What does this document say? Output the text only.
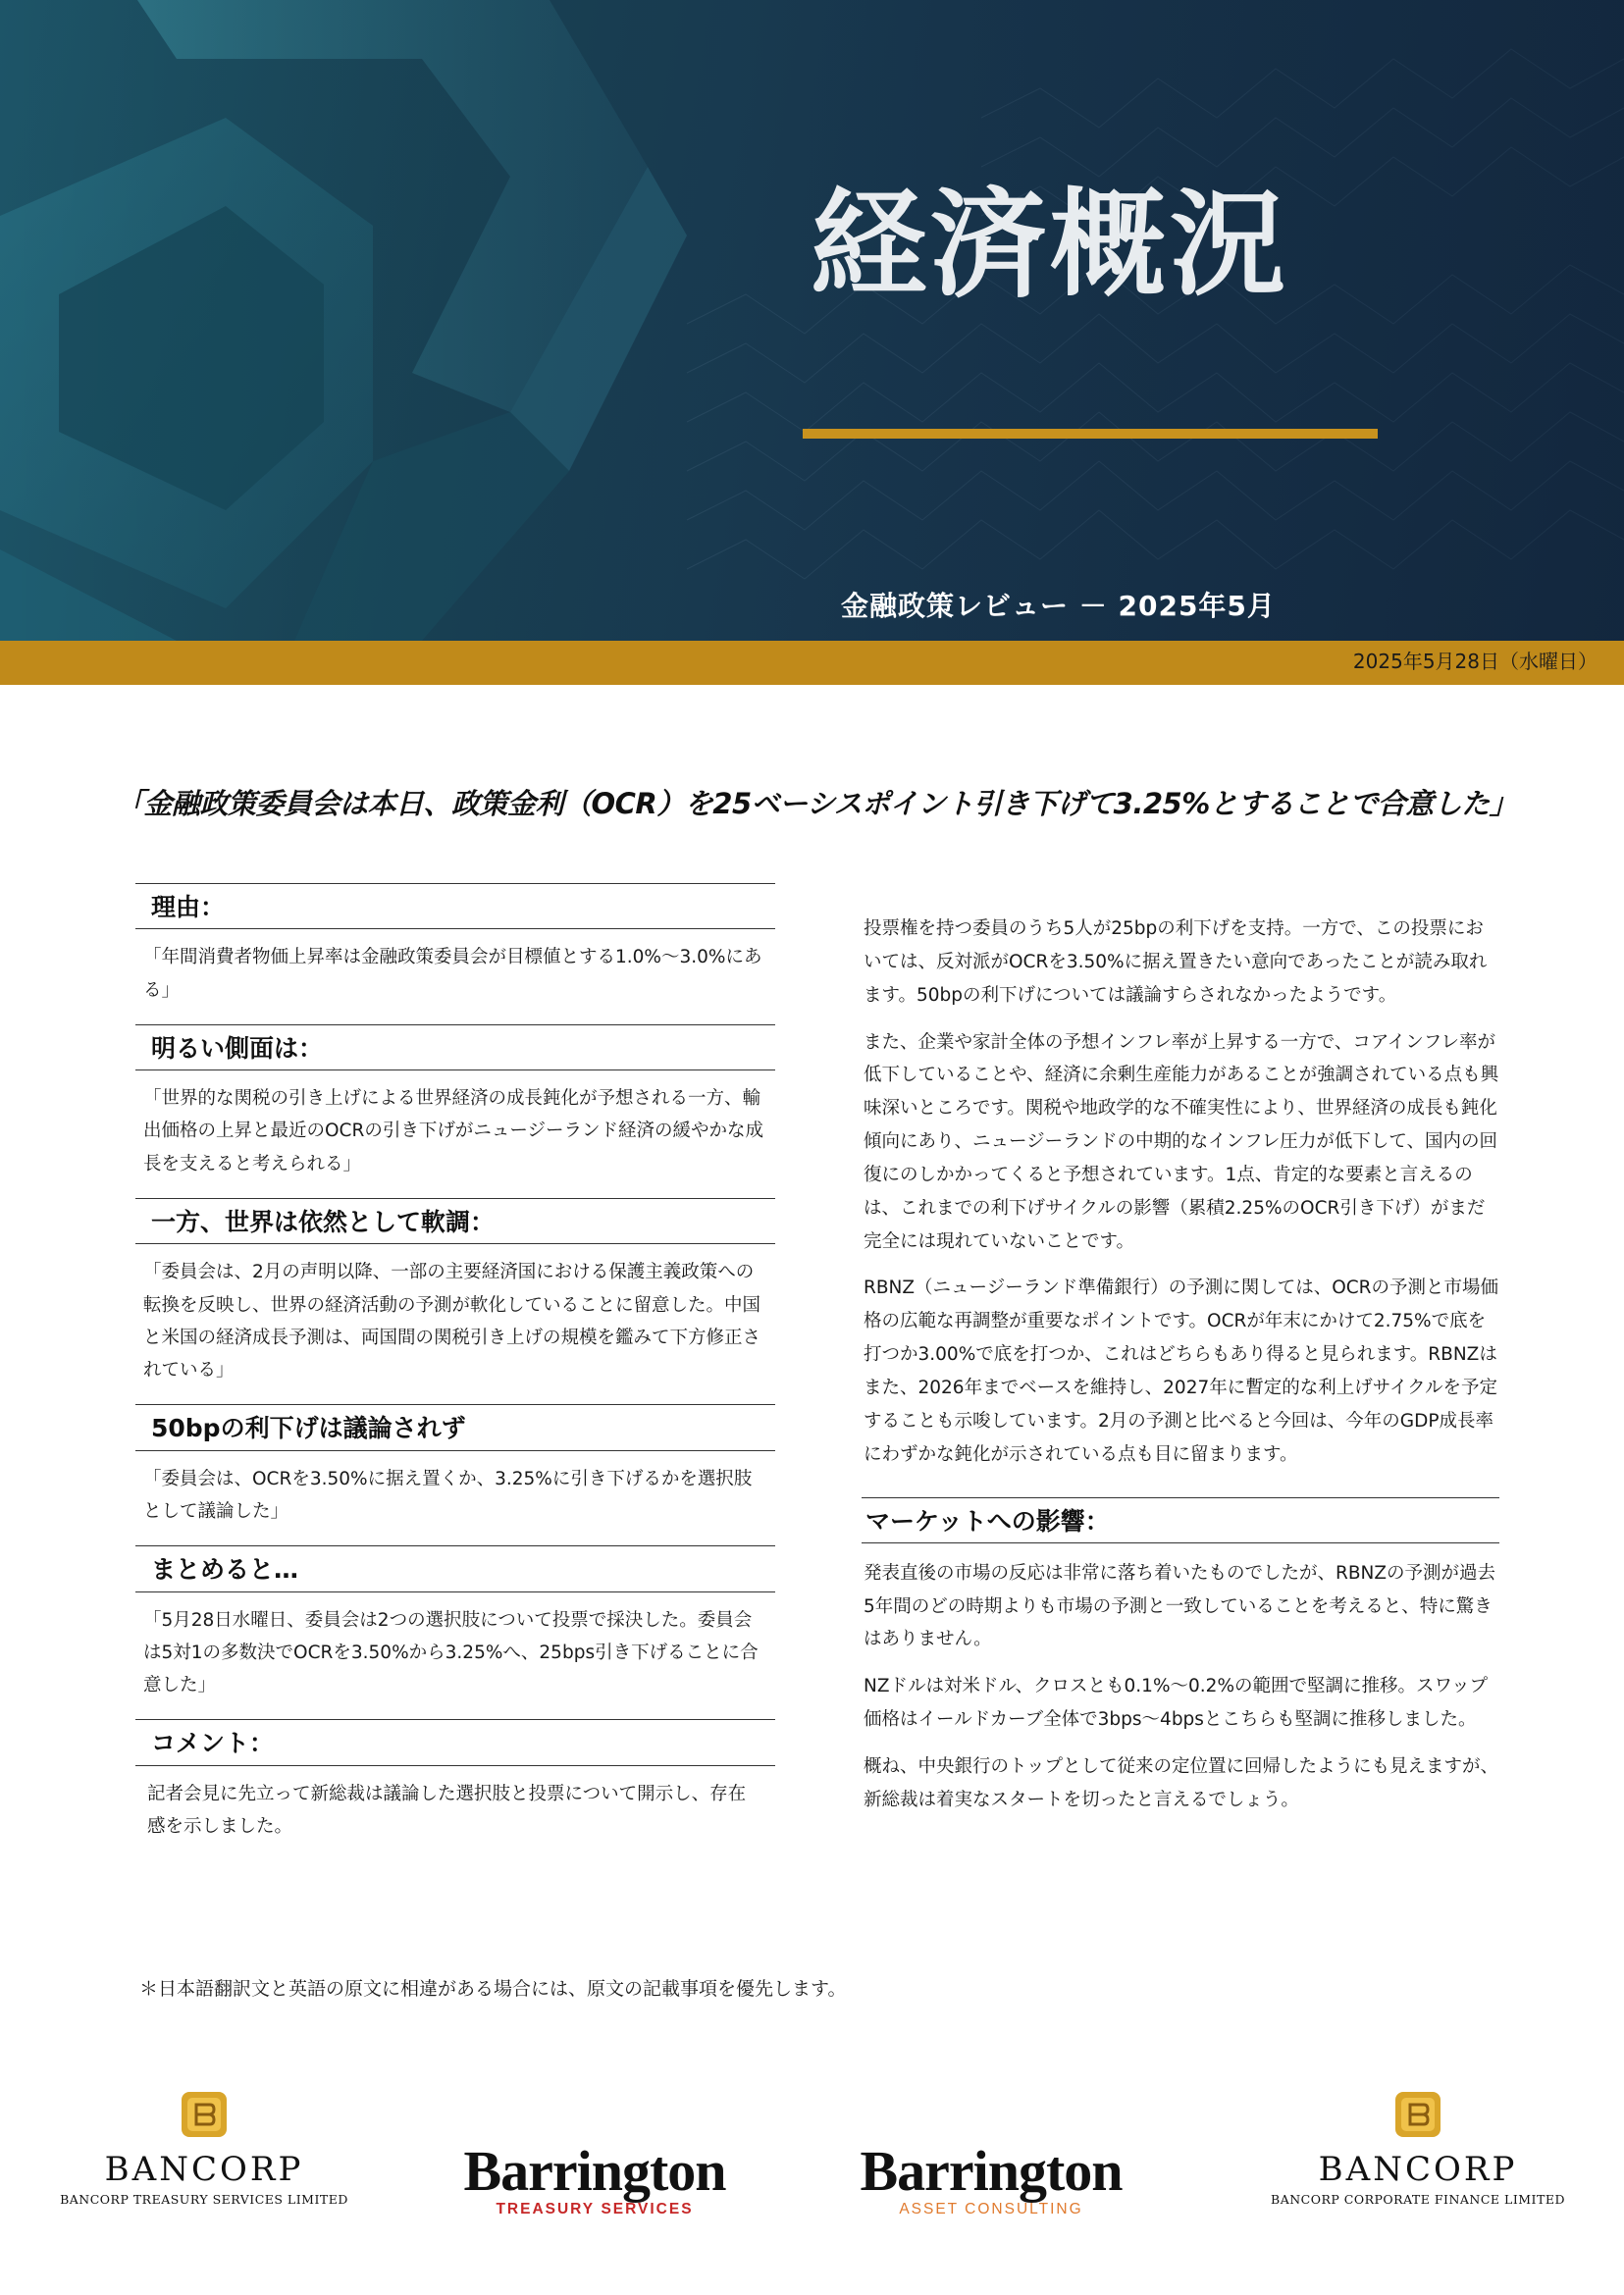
経済概況
金融政策レビュー － 2025年5月
2025年5月28日（水曜日）
「金融政策委員会は本日、政策金利（OCR）を25ベーシスポイント引き下げて3.25%とすることで合意した」
理由：
「年間消費者物価上昇率は金融政策委員会が目標値とする1.0%～3.0%にある」
明るい側面は：
「世界的な関税の引き上げによる世界経済の成長鈍化が予想される一方、輸出価格の上昇と最近のOCRの引き下げがニュージーランド経済の緩やかな成長を支えると考えられる」
一方、世界は依然として軟調：
「委員会は、2月の声明以降、一部の主要経済国における保護主義政策への転換を反映し、世界の経済活動の予測が軟化していることに留意した。中国と米国の経済成長予測は、両国間の関税引き上げの規模を鑑みて下方修正されている」
50bpの利下げは議論されず
「委員会は、OCRを3.50%に据え置くか、3.25%に引き下げるかを選択肢として議論した」
まとめると…
「5月28日水曜日、委員会は2つの選択肢について投票で採決した。委員会は5対1の多数決でOCRを3.50%から3.25%へ、25bps引き下げることに合意した」
コメント：
記者会見に先立って新総裁は議論した選択肢と投票について開示し、存在感を示しました。

投票権を持つ委員のうち5人が25bpの利下げを支持。一方で、この投票においては、反対派がOCRを3.50%に据え置きたい意向であったことが読み取れます。50bpの利下げについては議論すらされなかったようです。

また、企業や家計全体の予想インフレ率が上昇する一方で、コアインフレ率が低下していることや、経済に余剰生産能力があることが強調されている点も興味深いところです。関税や地政学的な不確実性により、世界経済の成長も鈍化傾向にあり、ニュージーランドの中期的なインフレ圧力が低下して、国内の回復にのしかかってくると予想されています。1点、肯定的な要素と言えるのは、これまでの利下げサイクルの影響（累積2.25%のOCR引き下げ）がまだ完全には現れていないことです。

RBNZ（ニュージーランド準備銀行）の予測に関しては、OCRの予測と市場価格の広範な再調整が重要なポイントです。OCRが年末にかけて2.75%で底を打つか3.00%で底を打つか、これはどちらもあり得ると見られます。RBNZはまた、2026年までベースを維持し、2027年に暫定的な利上げサイクルを予定することも示唆しています。2月の予測と比べると今回は、今年のGDP成長率にわずかな鈍化が示されている点も目に留まります。

マーケットへの影響：

発表直後の市場の反応は非常に落ち着いたものでしたが、RBNZの予測が過去5年間のどの時期よりも市場の予測と一致していることを考えると、特に驚きはありません。

NZドルは対米ドル、クロスとも0.1%～0.2%の範囲で堅調に推移。スワップ価格はイールドカーブ全体で3bps～4bpsとこちらも堅調に推移しました。

概ね、中央銀行のトップとして従来の定位置に回帰したようにも見えますが、新総裁は着実なスタートを切ったと言えるでしょう。

＊日本語翻訳文と英語の原文に相違がある場合には、原文の記載事項を優先します。
BANCORP
BANCORP TREASURY SERVICES LIMITED Barrington
TREASURY SERVICES
Barrington
ASSET CONSULTING
BANCORP
BANCORP CORPORATE FINANCE LIMITED
